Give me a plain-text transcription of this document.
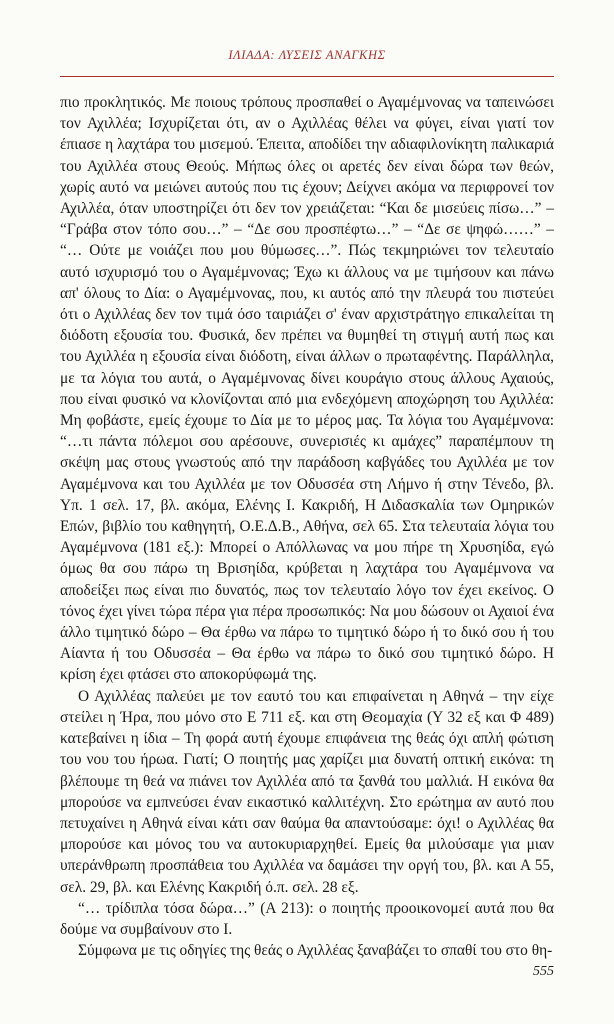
ΙΛΙΑΔΑ: ΛΥΣΕΙΣ ΑΝΑΓΚΗΣ

πιο προκλητικός. Με ποιους τρόπους προσπαθεί ο Αγαμέμνονας να ταπεινώσει τον Αχιλλέα; Ισχυρίζεται ότι, αν ο Αχιλλέας θέλει να φύγει, είναι γιατί τον έπιασε η λαχτάρα του μισεμού. Έπειτα, αποδίδει την αδιαφιλονίκητη παλικαριά του Αχιλλέα στους Θεούς. Μήπως όλες οι αρετές δεν είναι δώρα των θεών, χωρίς αυτό να μειώνει αυτούς που τις έχουν; Δείχνει ακόμα να περιφρονεί τον Αχιλλέα, όταν υποστηρίζει ότι δεν τον χρειάζεται: “Και δε μισεύεις πίσω…” – “Γράβα στον τόπο σου…” – “Δε σου προσπέφτω…” – “Δε σε ψηφώ……” – “… Ούτε με νοιάζει που μου θύμωσες…”. Πώς τεκμηριώνει τον τελευταίο αυτό ισχυρισμό του ο Αγαμέμνονας; Έχω κι άλλους να με τιμήσουν και πάνω απ' όλους το Δία: ο Αγαμέμνονας, που, κι αυτός από την πλευρά του πιστεύει ότι ο Αχιλλέας δεν τον τιμά όσο ταιριάζει σ' έναν αρχιστράτηγο επικαλείται τη διόδοτη εξουσία του. Φυσικά, δεν πρέπει να θυμηθεί τη στιγμή αυτή πως και του Αχιλλέα η εξουσία είναι διόδοτη, είναι άλλων ο πρωταφέντης. Παράλληλα, με τα λόγια του αυτά, ο Αγαμέμνονας δίνει κουράγιο στους άλλους Αχαιούς, που είναι φυσικό να κλονίζονται από μια ενδεχόμενη αποχώρηση του Αχιλλέα: Μη φοβάστε, εμείς έχουμε το Δία με το μέρος μας. Τα λόγια του Αγαμέμνονα: “…τι πάντα πόλεμοι σου αρέσουνε, συνερισιές κι αμάχες” παραπέμπουν τη σκέψη μας στους γνωστούς από την παράδοση καβγάδες του Αχιλλέα με τον Αγαμέμνονα και του Αχιλλέα με τον Οδυσσέα στη Λήμνο ή στην Τένεδο, βλ. Υπ. 1 σελ. 17, βλ. ακόμα, Ελένης Ι. Κακριδή, Η Διδασκαλία των Ομηρικών Επών, βιβλίο του καθηγητή, Ο.Ε.Δ.Β., Αθήνα, σελ 65. Στα τελευταία λόγια του Αγαμέμνονα (181 εξ.): Μπορεί ο Απόλλωνας να μου πήρε τη Χρυσηίδα, εγώ όμως θα σου πάρω τη Βρισηίδα, κρύβεται η λαχτάρα του Αγαμέμνονα να αποδείξει πως είναι πιο δυνατός, πως τον τελευταίο λόγο τον έχει εκείνος. Ο τόνος έχει γίνει τώρα πέρα για πέρα προσωπικός: Να μου δώσουν οι Αχαιοί ένα άλλο τιμητικό δώρο – Θα έρθω να πάρω το τιμητικό δώρο ή το δικό σου ή του Αίαντα ή του Οδυσσέα – Θα έρθω να πάρω το δικό σου τιμητικό δώρο. Η κρίση έχει φτάσει στο αποκορύφωμά της.

Ο Αχιλλέας παλεύει με τον εαυτό του και επιφαίνεται η Αθηνά – την είχε στείλει η Ήρα, που μόνο στο Ε 711 εξ. και στη Θεομαχία (Υ 32 εξ και Φ 489) κατεβαίνει η ίδια – Τη φορά αυτή έχουμε επιφάνεια της θεάς όχι απλή φώτιση του νου του ήρωα. Γιατί; Ο ποιητής μας χαρίζει μια δυνατή οπτική εικόνα: τη βλέπουμε τη θεά να πιάνει τον Αχιλλέα από τα ξανθά του μαλλιά. Η εικόνα θα μπορούσε να εμπνεύσει έναν εικαστικό καλλιτέχνη. Στο ερώτημα αν αυτό που πετυχαίνει η Αθηνά είναι κάτι σαν θαύμα θα απαντούσαμε: όχι! ο Αχιλλέας θα μπορούσε και μόνος του να αυτοκυριαρχηθεί. Εμείς θα μιλούσαμε για μιαν υπεράνθρωπη προσπάθεια του Αχιλλέα να δαμάσει την οργή του, βλ. και Α 55, σελ. 29, βλ. και Ελένης Κακριδή ό.π. σελ. 28 εξ.

“… τρίδιπλα τόσα δώρα…” (Α 213): ο ποιητής προοικονομεί αυτά που θα δούμε να συμβαίνουν στο Ι.

Σύμφωνα με τις οδηγίες της θεάς ο Αχιλλέας ξαναβάζει το σπαθί του στο θη-

555
